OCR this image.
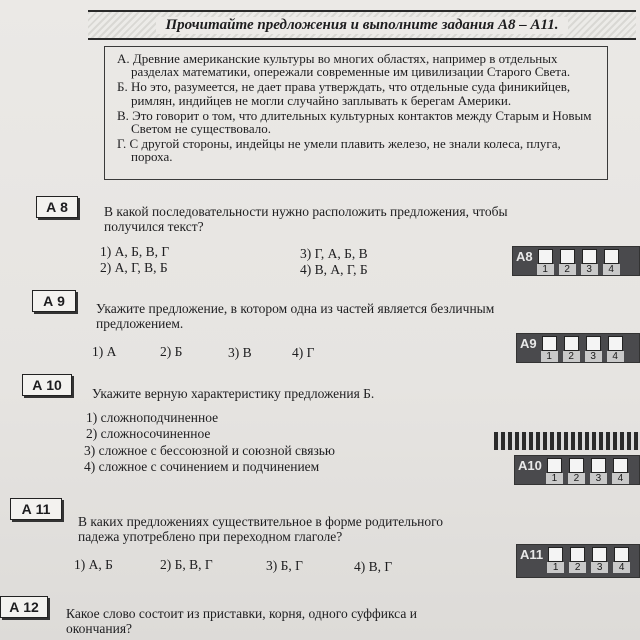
Прочитайте предложения и выполните задания А8 – А11.

А. Древние американские культуры во многих областях, например в отдельных разделах математики, опережали современные им цивилизации Старого Света.

Б. Но это, разумеется, не дает права утверждать, что отдельные суда финикийцев, римлян, индийцев не могли случайно заплывать к берегам Америки.

В. Это говорит о том, что длительных культурных контактов между Старым и Новым Светом не существовало.

Г. С другой стороны, индейцы не умели плавить железо, не знали колеса, плуга, пороха.

А 8	В какой последовательности нужно расположить предложения, чтобы получился текст?
1) А, Б, В, Г
2) А, Г, В, Б
3) Г, А, Б, В
4) В, А, Г, Б
А8
1	2	3	4
А 9	Укажите предложение, в котором одна из частей является безличным предложением.
1) А	2) Б	3) В	4) Г
А9
1	2	3	4
А 10
Укажите верную характеристику предложения Б.
1) сложноподчиненное
2) сложносочиненное
3) сложное с бессоюзной и союзной связью
4) сложное с сочинением и подчинением	А10
1	2	3	4
А 11
В каких предложениях существительное в форме родительного падежа употреблено при переходном глаголе?
1) А, Б	2) Б, В, Г	3) Б, Г	4) В, Г
А11
1	2	3	4
А 12	Какое слово состоит из приставки, корня, одного суффикса и окончания?
